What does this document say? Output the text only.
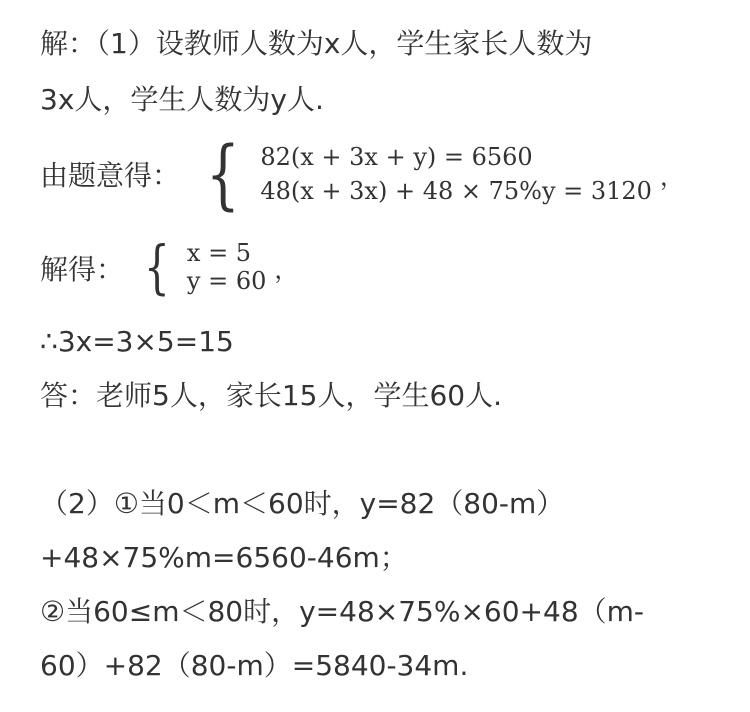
解：（1）设教师人数为x人，学生家长人数为
3x人，学生人数为y人.
由题意得： { 82(x + 3x + y) = 6560
48(x + 3x) + 48 × 75%y = 3120
，
解得： { x = 5
y = 60 ，
∴3x=3×5=15
答：老师5人，家长15人，学生60人.
（2）①当0＜m＜60时，y=82（80-m）
+48×75%m=6560-46m；
②当60≤m＜80时，y=48×75%×60+48（m-
60）+82（80-m）=5840-34m.
